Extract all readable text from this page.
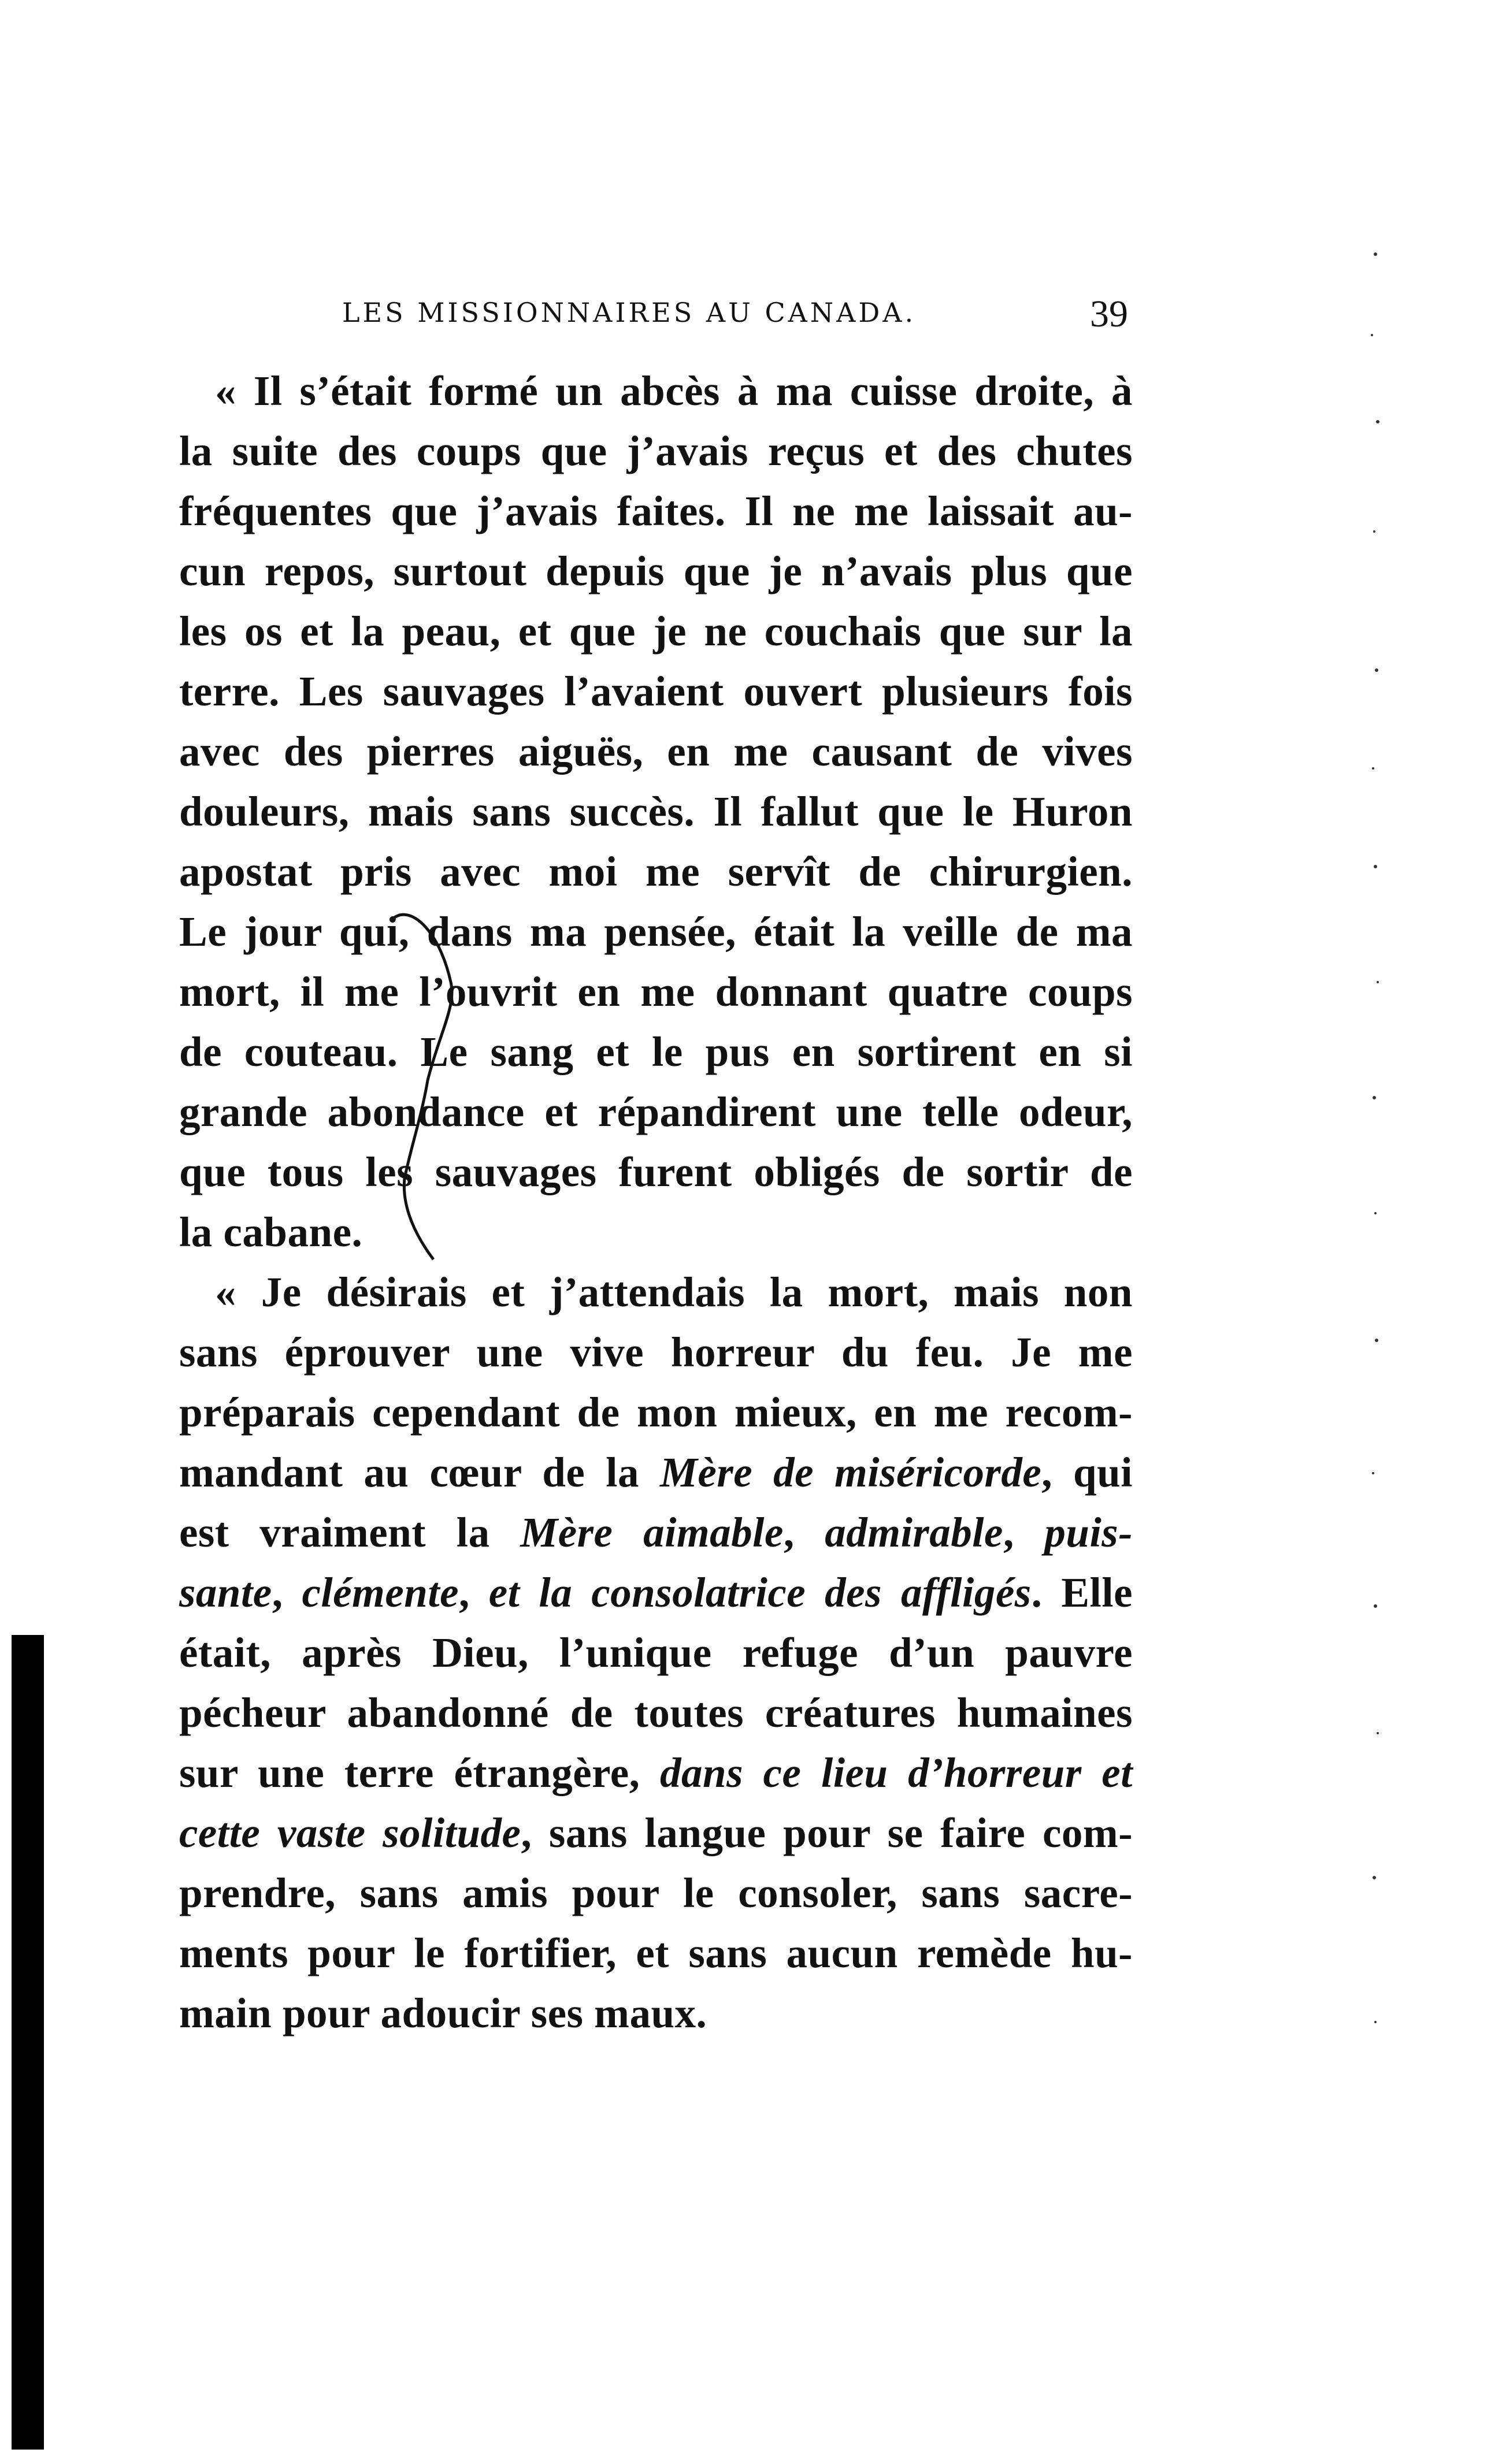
LES MISSIONNAIRES AU CANADA.	39
« Il s’était formé un abcès à ma cuisse droite, à
la suite des coups que j’avais reçus et des chutes
fréquentes que j’avais faites. Il ne me laissait au-
cun repos, surtout depuis que je n’avais plus que
les os et la peau, et que je ne couchais que sur la
terre. Les sauvages l’avaient ouvert plusieurs fois
avec des pierres aiguës, en me causant de vives
douleurs, mais sans succès. Il fallut que le Huron
apostat pris avec moi me servît de chirurgien.
Le jour qui, dans ma pensée, était la veille de ma
mort, il me l’ouvrit en me donnant quatre coups
de couteau. Le sang et le pus en sortirent en si
grande abondance et répandirent une telle odeur,
que tous les sauvages furent obligés de sortir de
la cabane.
« Je désirais et j’attendais la mort, mais non
sans éprouver une vive horreur du feu. Je me
préparais cependant de mon mieux, en me recom-
mandant au cœur de la Mère de miséricorde, qui
est vraiment la Mère aimable, admirable, puis-
sante, clémente, et la consolatrice des affligés. Elle
était, après Dieu, l’unique refuge d’un pauvre
pécheur abandonné de toutes créatures humaines
sur une terre étrangère, dans ce lieu d’horreur et
cette vaste solitude, sans langue pour se faire com-
prendre, sans amis pour le consoler, sans sacre-
ments pour le fortifier, et sans aucun remède hu-
main pour adoucir ses maux.
